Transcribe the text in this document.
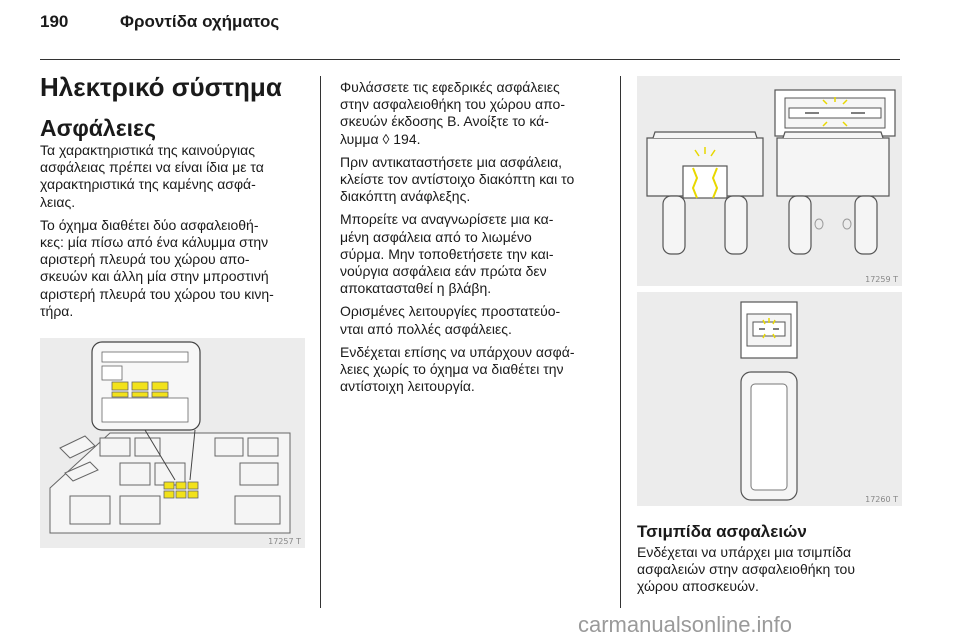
190	Φροντίδα οχήματος
Ηλεκτρικό σύστημα
Ασφάλειες

Τα χαρακτηριστικά της καινούργιας
ασφάλειας πρέπει να είναι ίδια με τα
χαρακτηριστικά της καμένης ασφά-
λειας.

Το όχημα διαθέτει δύο ασφαλειοθή-
κες: μία πίσω από ένα κάλυμμα στην
αριστερή πλευρά του χώρου απο-
σκευών και άλλη μία στην μπροστινή
αριστερή πλευρά του χώρου του κινη-
τήρα.

17257 T

Φυλάσσετε τις εφεδρικές ασφάλειες
στην ασφαλειοθήκη του χώρου απο-
σκευών έκδοσης Β. Ανοίξτε το κά-
λυμμα ◊ 194.

Πριν αντικαταστήσετε μια ασφάλεια,
κλείστε τον αντίστοιχο διακόπτη και το
διακόπτη ανάφλεξης.

Μπορείτε να αναγνωρίσετε μια κα-
μένη ασφάλεια από το λιωμένο
σύρμα. Μην τοποθετήσετε την και-
νούργια ασφάλεια εάν πρώτα δεν
αποκατασταθεί η βλάβη.

Ορισμένες λειτουργίες προστατεύο-
νται από πολλές ασφάλειες.

Ενδέχεται επίσης να υπάρχουν ασφά-
λειες χωρίς το όχημα να διαθέτει την
αντίστοιχη λειτουργία.

17259 T
17260 T
Τσιμπίδα ασφαλειών

Ενδέχεται να υπάρχει μια τσιμπίδα
ασφαλειών στην ασφαλειοθήκη του
χώρου αποσκευών.

carmanualsonline.info
